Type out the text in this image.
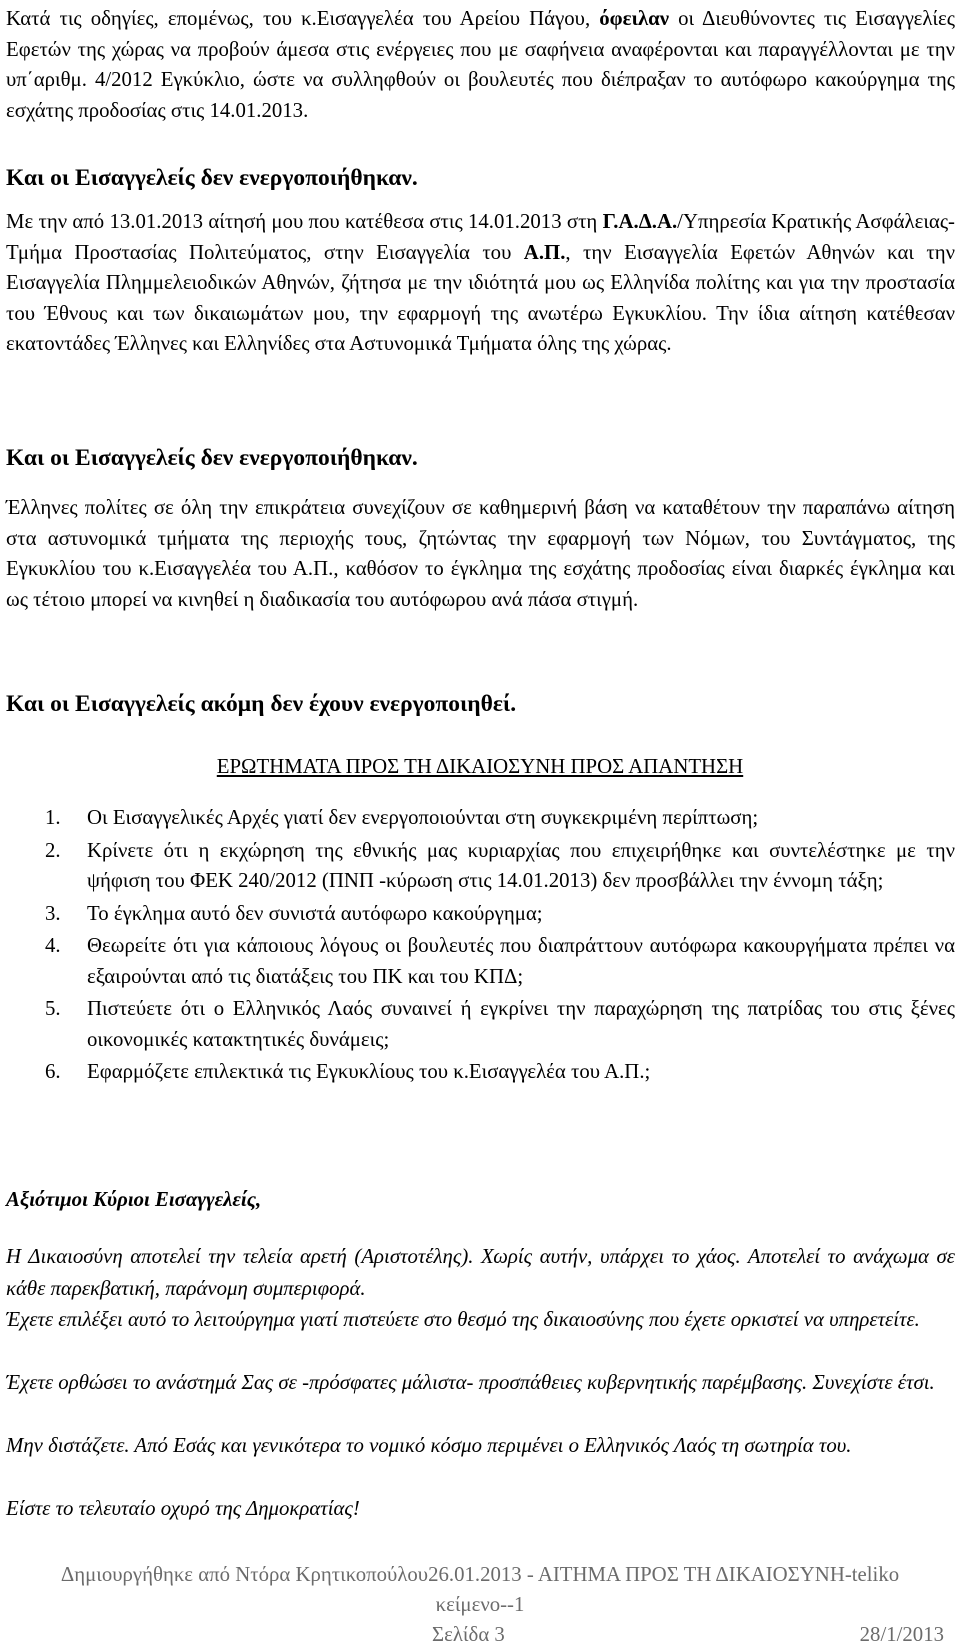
Κατά τις οδηγίες, επομένως, του κ.Εισαγγελέα του Αρείου Πάγου, όφειλαν οι Διευθύνοντες τις Εισαγγελίες Εφετών της χώρας να προβούν άμεσα στις ενέργειες που με σαφήνεια αναφέρονται και παραγγέλλονται με την υπ΄αριθμ. 4/2012 Εγκύκλιο, ώστε να συλληφθούν οι βουλευτές που διέπραξαν το αυτόφωρο κακούργημα της εσχάτης προδοσίας στις 14.01.2013.

Και οι Εισαγγελείς δεν ενεργοποιήθηκαν.

Με την από 13.01.2013 αίτησή μου που κατέθεσα στις 14.01.2013 στη Γ.Α.Δ.Α./Υπηρεσία Κρατικής Ασφάλειας-Τμήμα Προστασίας Πολιτεύματος, στην Εισαγγελία του Α.Π., την Εισαγγελία Εφετών Αθηνών και την Εισαγγελία Πλημμελειοδικών Αθηνών, ζήτησα με την ιδιότητά μου ως Ελληνίδα πολίτης και για την προστασία του Έθνους και των δικαιωμάτων μου, την εφαρμογή της ανωτέρω Εγκυκλίου. Την ίδια αίτηση κατέθεσαν εκατοντάδες Έλληνες και Ελληνίδες στα Αστυνομικά Τμήματα όλης της χώρας.

Και οι Εισαγγελείς δεν ενεργοποιήθηκαν.

Έλληνες πολίτες σε όλη την επικράτεια συνεχίζουν σε καθημερινή βάση να καταθέτουν την παραπάνω αίτηση στα αστυνομικά τμήματα της περιοχής τους, ζητώντας την εφαρμογή των Νόμων, του Συντάγματος, της Εγκυκλίου του κ.Εισαγγελέα του Α.Π., καθόσον το έγκλημα της εσχάτης προδοσίας είναι διαρκές έγκλημα και ως τέτοιο μπορεί να κινηθεί η διαδικασία του αυτόφωρου ανά πάσα στιγμή.

Και οι Εισαγγελείς ακόμη δεν έχουν ενεργοποιηθεί.

ΕΡΩΤΗΜΑΤΑ ΠΡΟΣ ΤΗ ΔΙΚΑΙΟΣΥΝΗ ΠΡΟΣ ΑΠΑΝΤΗΣΗ

1. Οι Εισαγγελικές Αρχές γιατί δεν ενεργοποιούνται στη συγκεκριμένη περίπτωση;
2. Κρίνετε ότι η εκχώρηση της εθνικής μας κυριαρχίας που επιχειρήθηκε και συντελέστηκε με την ψήφιση του ΦΕΚ 240/2012 (ΠΝΠ -κύρωση στις 14.01.2013) δεν προσβάλλει την έννομη τάξη;
3. Το έγκλημα αυτό δεν συνιστά αυτόφωρο κακούργημα;
4. Θεωρείτε ότι για κάποιους λόγους οι βουλευτές που διαπράττουν αυτόφωρα κακουργήματα πρέπει να εξαιρούνται από τις διατάξεις του ΠΚ και του ΚΠΔ;
5. Πιστεύετε ότι ο Ελληνικός Λαός συναινεί ή εγκρίνει την παραχώρηση της πατρίδας του στις ξένες οικονομικές κατακτητικές δυνάμεις;
6. Εφαρμόζετε επιλεκτικά τις Εγκυκλίους του κ.Εισαγγελέα του Α.Π.;

Αξιότιμοι Κύριοι Εισαγγελείς,

Η Δικαιοσύνη αποτελεί την τελεία αρετή (Αριστοτέλης). Χωρίς αυτήν, υπάρχει το χάος. Αποτελεί το ανάχωμα σε κάθε παρεκβατική, παράνομη συμπεριφορά.

Έχετε επιλέξει αυτό το λειτούργημα γιατί πιστεύετε στο θεσμό της δικαιοσύνης που έχετε ορκιστεί να υπηρετείτε.

Έχετε ορθώσει το ανάστημά Σας σε -πρόσφατες μάλιστα- προσπάθειες κυβερνητικής παρέμβασης. Συνεχίστε έτσι.

Μην διστάζετε. Από Εσάς και γενικότερα το νομικό κόσμο περιμένει ο Ελληνικός Λαός τη σωτηρία του.

Είστε το τελευταίο οχυρό της Δημοκρατίας!

Δημιουργήθηκε από Ντόρα Κρητικοπούλου26.01.2013 - ΑΙΤΗΜΑ ΠΡΟΣ ΤΗ ΔΙΚΑΙΟΣΥΝΗ-teliko
κείμενο--1

Σελίδα 3	28/1/2013
